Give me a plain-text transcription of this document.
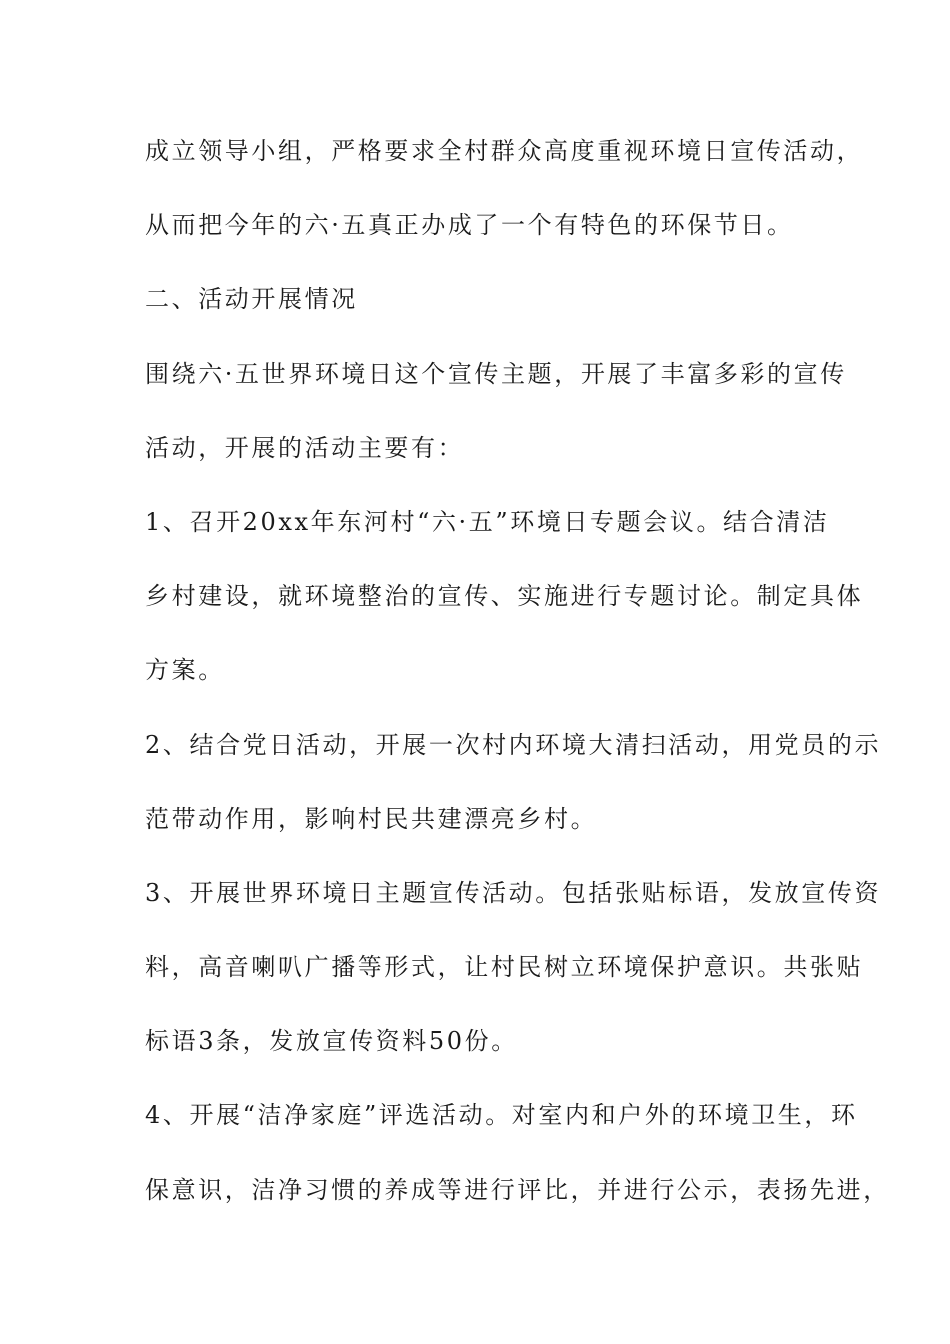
成立领导小组，严格要求全村群众高度重视环境日宣传活动，
从而把今年的六·五真正办成了一个有特色的环保节日。
二、活动开展情况
围绕六·五世界环境日这个宣传主题，开展了丰富多彩的宣传
活动，开展的活动主要有：
1、召开20xx年东河村“六·五”环境日专题会议。结合清洁
乡村建设，就环境整治的宣传、实施进行专题讨论。制定具体
方案。
2、结合党日活动，开展一次村内环境大清扫活动，用党员的示
范带动作用，影响村民共建漂亮乡村。
3、开展世界环境日主题宣传活动。包括张贴标语，发放宣传资
料，高音喇叭广播等形式，让村民树立环境保护意识。共张贴
标语3条，发放宣传资料50份。
4、开展“洁净家庭”评选活动。对室内和户外的环境卫生，环
保意识，洁净习惯的养成等进行评比，并进行公示，表扬先进，
